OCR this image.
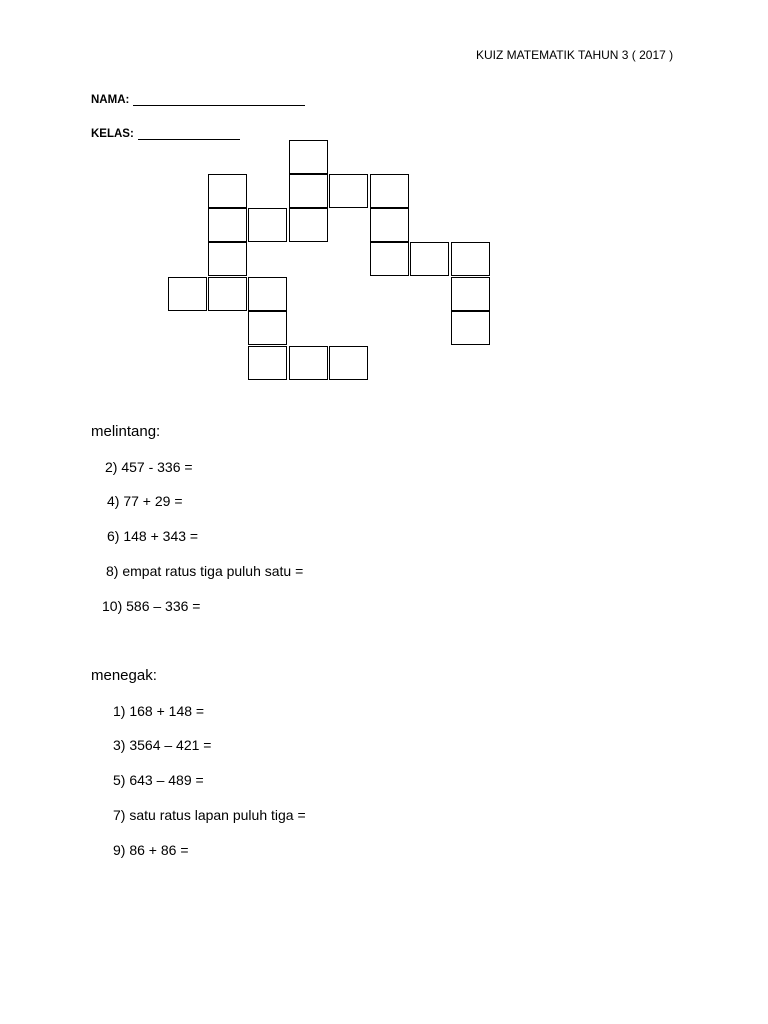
KUIZ MATEMATIK TAHUN 3 ( 2017 )
NAMA:
KELAS:
melintang:
2) 457 - 336 =
4) 77 + 29 =
6) 148 + 343 =
8) empat ratus tiga puluh satu =
10) 586 – 336 =
menegak:
1) 168 + 148 =
3) 3564 – 421 =
5) 643 – 489 =
7) satu ratus lapan puluh tiga =
9) 86 + 86 =
